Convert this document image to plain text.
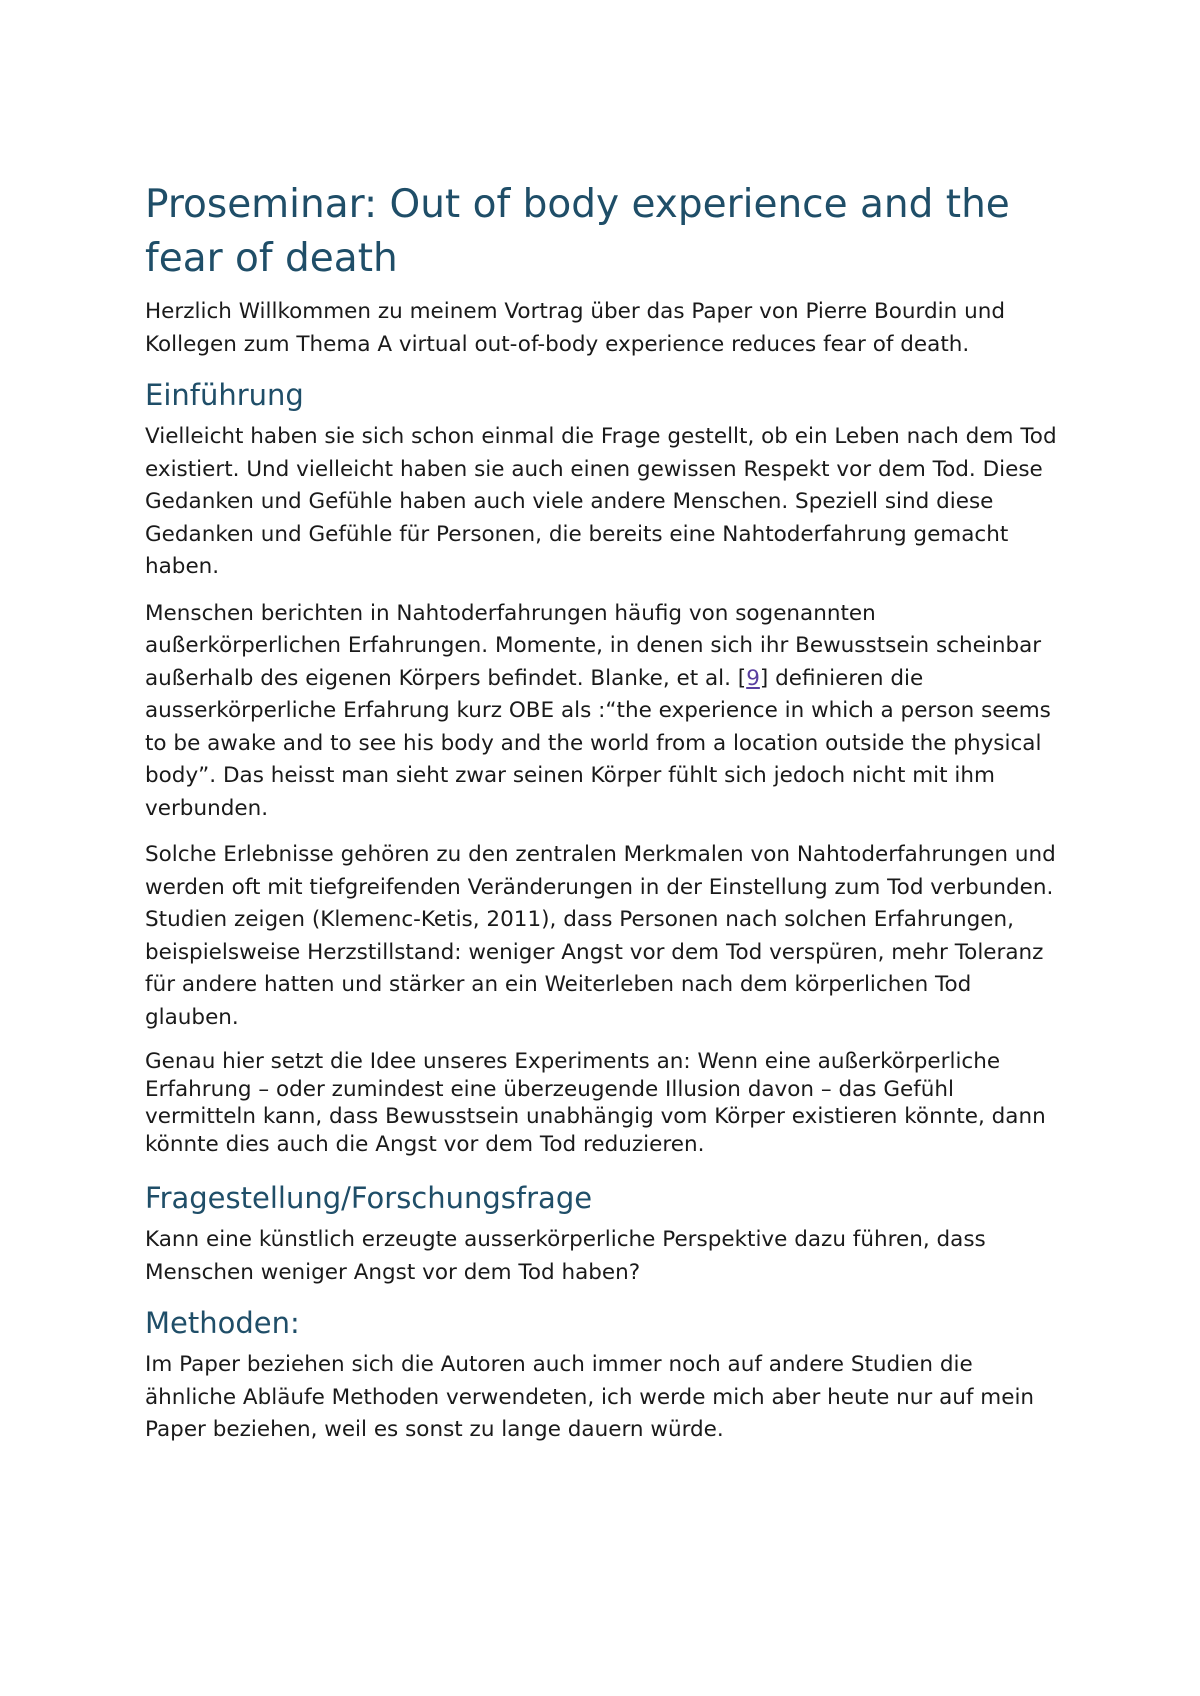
Proseminar: Out of body experience and the fear of death

Herzlich Willkommen zu meinem Vortrag über das Paper von Pierre Bourdin und Kollegen zum Thema A virtual out-of-body experience reduces fear of death.

Einführung

Vielleicht haben sie sich schon einmal die Frage gestellt, ob ein Leben nach dem Tod existiert. Und vielleicht haben sie auch einen gewissen Respekt vor dem Tod. Diese Gedanken und Gefühle haben auch viele andere Menschen. Speziell sind diese Gedanken und Gefühle für Personen, die bereits eine Nahtoderfahrung gemacht haben.

Menschen berichten in Nahtoderfahrungen häufig von sogenannten außerkörperlichen Erfahrungen. Momente, in denen sich ihr Bewusstsein scheinbar außerhalb des eigenen Körpers befindet. Blanke, et al. [9] definieren die ausserkörperliche Erfahrung kurz OBE als :“the experience in which a person seems to be awake and to see his body and the world from a location outside the physical body”. Das heisst man sieht zwar seinen Körper fühlt sich jedoch nicht mit ihm verbunden.

Solche Erlebnisse gehören zu den zentralen Merkmalen von Nahtoderfahrungen und werden oft mit tiefgreifenden Veränderungen in der Einstellung zum Tod verbunden. Studien zeigen (Klemenc-Ketis, 2011), dass Personen nach solchen Erfahrungen, beispielsweise Herzstillstand: weniger Angst vor dem Tod verspüren, mehr Toleranz für andere hatten und stärker an ein Weiterleben nach dem körperlichen Tod glauben.

Genau hier setzt die Idee unseres Experiments an: Wenn eine außerkörperliche Erfahrung – oder zumindest eine überzeugende Illusion davon – das Gefühl vermitteln kann, dass Bewusstsein unabhängig vom Körper existieren könnte, dann könnte dies auch die Angst vor dem Tod reduzieren.

Fragestellung/Forschungsfrage

Kann eine künstlich erzeugte ausserkörperliche Perspektive dazu führen, dass Menschen weniger Angst vor dem Tod haben?

Methoden:

Im Paper beziehen sich die Autoren auch immer noch auf andere Studien die ähnliche Abläufe Methoden verwendeten, ich werde mich aber heute nur auf mein Paper beziehen, weil es sonst zu lange dauern würde.
